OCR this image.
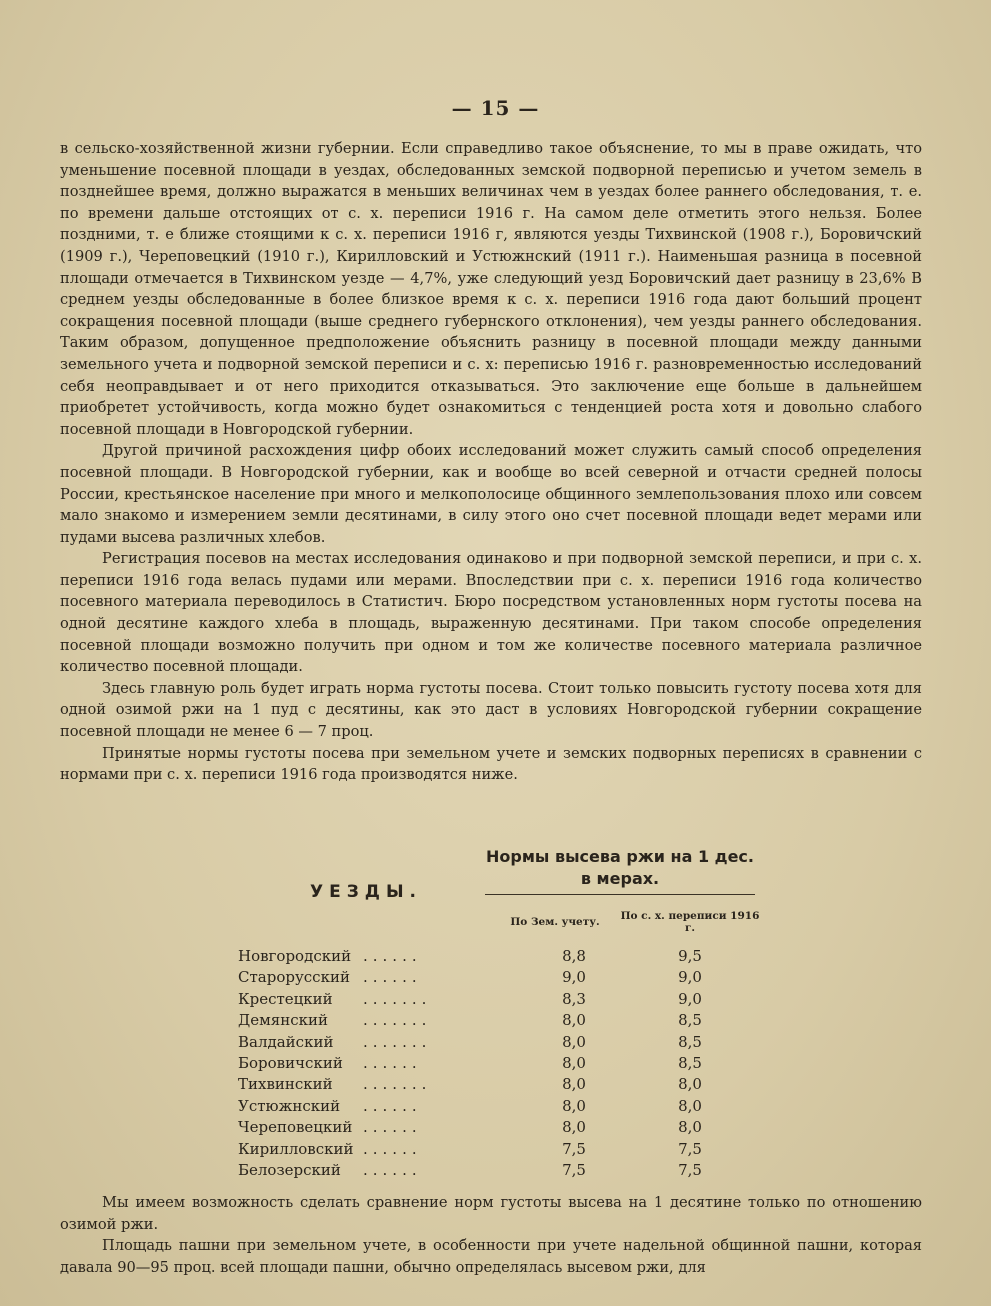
— 15 —

в сельско-хозяйственной жизни губернии. Если справедливо такое объяснение, то мы в праве ожидать, что уменьшение посевной площади в уездах, обследованных земской подворной переписью и учетом земель в позднейшее время, должно выражатся в меньших величинах чем в уездах более раннего обследования, т. е. по времени дальше отстоящих от с. х. переписи 1916 г. На самом деле отметить этого нельзя. Более поздними, т. е ближе стоящими к с. х. переписи 1916 г, являются уезды Тихвинской (1908 г.), Боровичский (1909 г.), Череповецкий (1910 г.), Кирилловский и Устюжнский (1911 г.). Наименьшая разница в посевной площади отмечается в Тихвинском уезде — 4,7%, уже следующий уезд Боровичский дает разницу в 23,6% В среднем уезды обследованные в более близкое время к с. х. переписи 1916 года дают больший процент сокращения посевной площади (выше среднего губернского отклонения), чем уезды раннего обследования. Таким образом, допущенное предположение объяснить разницу в посевной площади между данными земельного учета и подворной земской переписи и с. х: переписью 1916 г. разновременностью исследований себя неоправдывает и от него приходится отказываться. Это заключение еще больше в дальнейшем приобретет устойчивость, когда можно будет ознакомиться с тенденцией роста хотя и довольно слабого посевной площади в Новгородской губернии.

Другой причиной расхождения цифр обоих исследований может служить самый способ определения посевной площади. В Новгородской губернии, как и вообще во всей северной и отчасти средней полосы России, крестьянское население при много и мелкополосице общинного землепользования плохо или совсем мало знакомо и измерением земли десятинами, в силу этого оно счет посевной площади ведет мерами или пудами высева различных хлебов.

Регистрация посевов на местах исследования одинаково и при подворной земской переписи, и при с. х. переписи 1916 года велась пудами или мерами. Впоследствии при с. х. переписи 1916 года количество посевного материала переводилось в Статистич. Бюро посредством установленных норм густоты посева на одной десятине каждого хлеба в площадь, выраженную десятинами. При таком способе определения посевной площади возможно получить при одном и том же количестве посевного материала различное количество посевной площади.

Здесь главную роль будет играть норма густоты посева. Стоит только повысить густоту посева хотя для одной озимой ржи на 1 пуд с десятины, как это даст в условиях Новгородской губернии сокращение посевной площади не менее 6 — 7 проц.

Принятые нормы густоты посева при земельном учете и земских подворных переписях в сравнении с нормами при с. х. переписи 1916 года производятся ниже.

УЕЗДЫ.
Нормы высева ржи на 1 дес. в мерах.
По Зем. учету.	По с. х. переписи 1916 г.
Новгородский ......	8,8	9,5
Старорусский ......	9,0	9,0
Крестецкий .......	8,3	9,0
Демянский .......	8,0	8,5
Валдайский .......	8,0	8,5
Боровичский ......	8,0	8,5
Тихвинский .......	8,0	8,0
Устюжнский ......	8,0	8,0
Череповецкий ......	8,0	8,0
Кирилловский ......	7,5	7,5
Белозерский ......	7,5	7,5

Мы имеем возможность сделать сравнение норм густоты высева на 1 десятине только по отношению озимой ржи.

Площадь пашни при земельном учете, в особенности при учете надельной общинной пашни, которая давала 90—95 проц. всей площади пашни, обычно определялась высевом ржи, для
